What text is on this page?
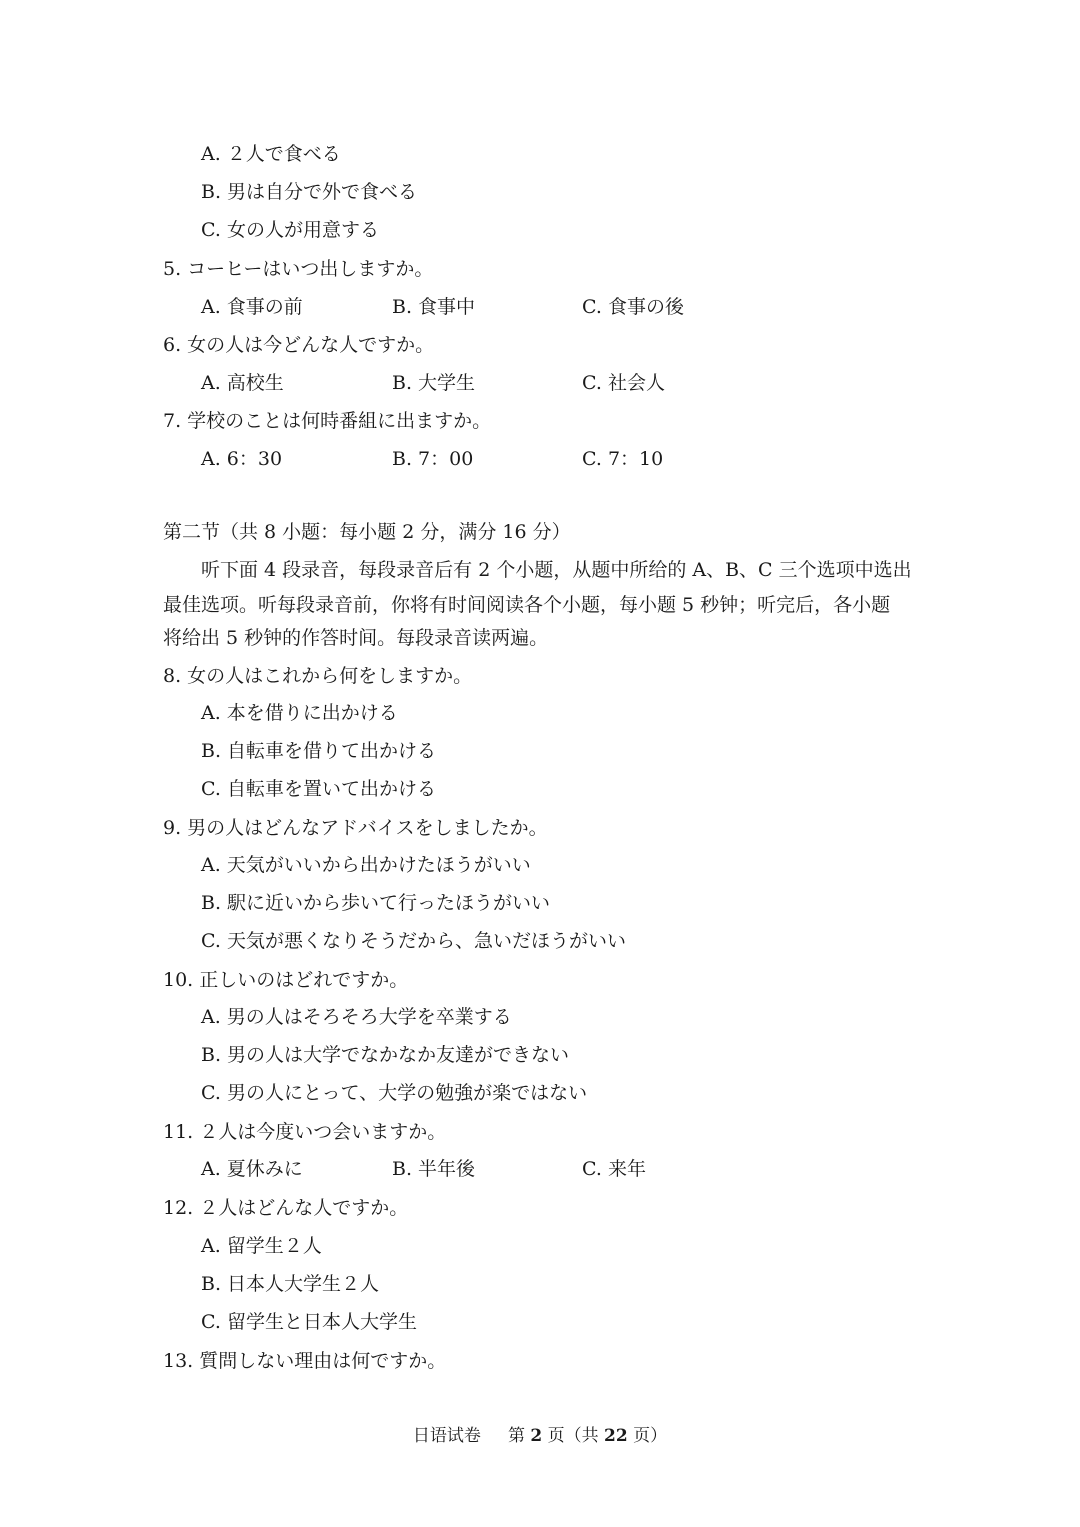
A. ２人で食べる
B. 男は自分で外で食べる
C. 女の人が用意する
5. コーヒーはいつ出しますか。
A. 食事の前	B. 食事中	C. 食事の後
6. 女の人は今どんな人ですか。
A. 高校生	B. 大学生	C. 社会人
7. 学校のことは何時番組に出ますか。
A. 6：30	B. 7：00	C. 7：10
第二节（共 8 小题：每小题 2 分，满分 16 分）
听下面 4 段录音，每段录音后有 2 个小题，从题中所给的 A、B、C 三个选项中选出
最佳选项。听每段录音前，你将有时间阅读各个小题，每小题 5 秒钟；听完后，各小题
将给出 5 秒钟的作答时间。每段录音读两遍。
8. 女の人はこれから何をしますか。
A. 本を借りに出かける
B. 自転車を借りて出かける
C. 自転車を置いて出かける
9. 男の人はどんなアドバイスをしましたか。
A. 天気がいいから出かけたほうがいい
B. 駅に近いから歩いて行ったほうがいい
C. 天気が悪くなりそうだから、急いだほうがいい
10. 正しいのはどれですか。
A. 男の人はそろそろ大学を卒業する
B. 男の人は大学でなかなか友達ができない
C. 男の人にとって、大学の勉強が楽ではない
11. ２人は今度いつ会いますか。
A. 夏休みに	B. 半年後	C. 来年
12. ２人はどんな人ですか。
A. 留学生２人
B. 日本人大学生２人
C. 留学生と日本人大学生
13. 質問しない理由は何ですか。
日语试卷 第 2 页（共 22 页）
